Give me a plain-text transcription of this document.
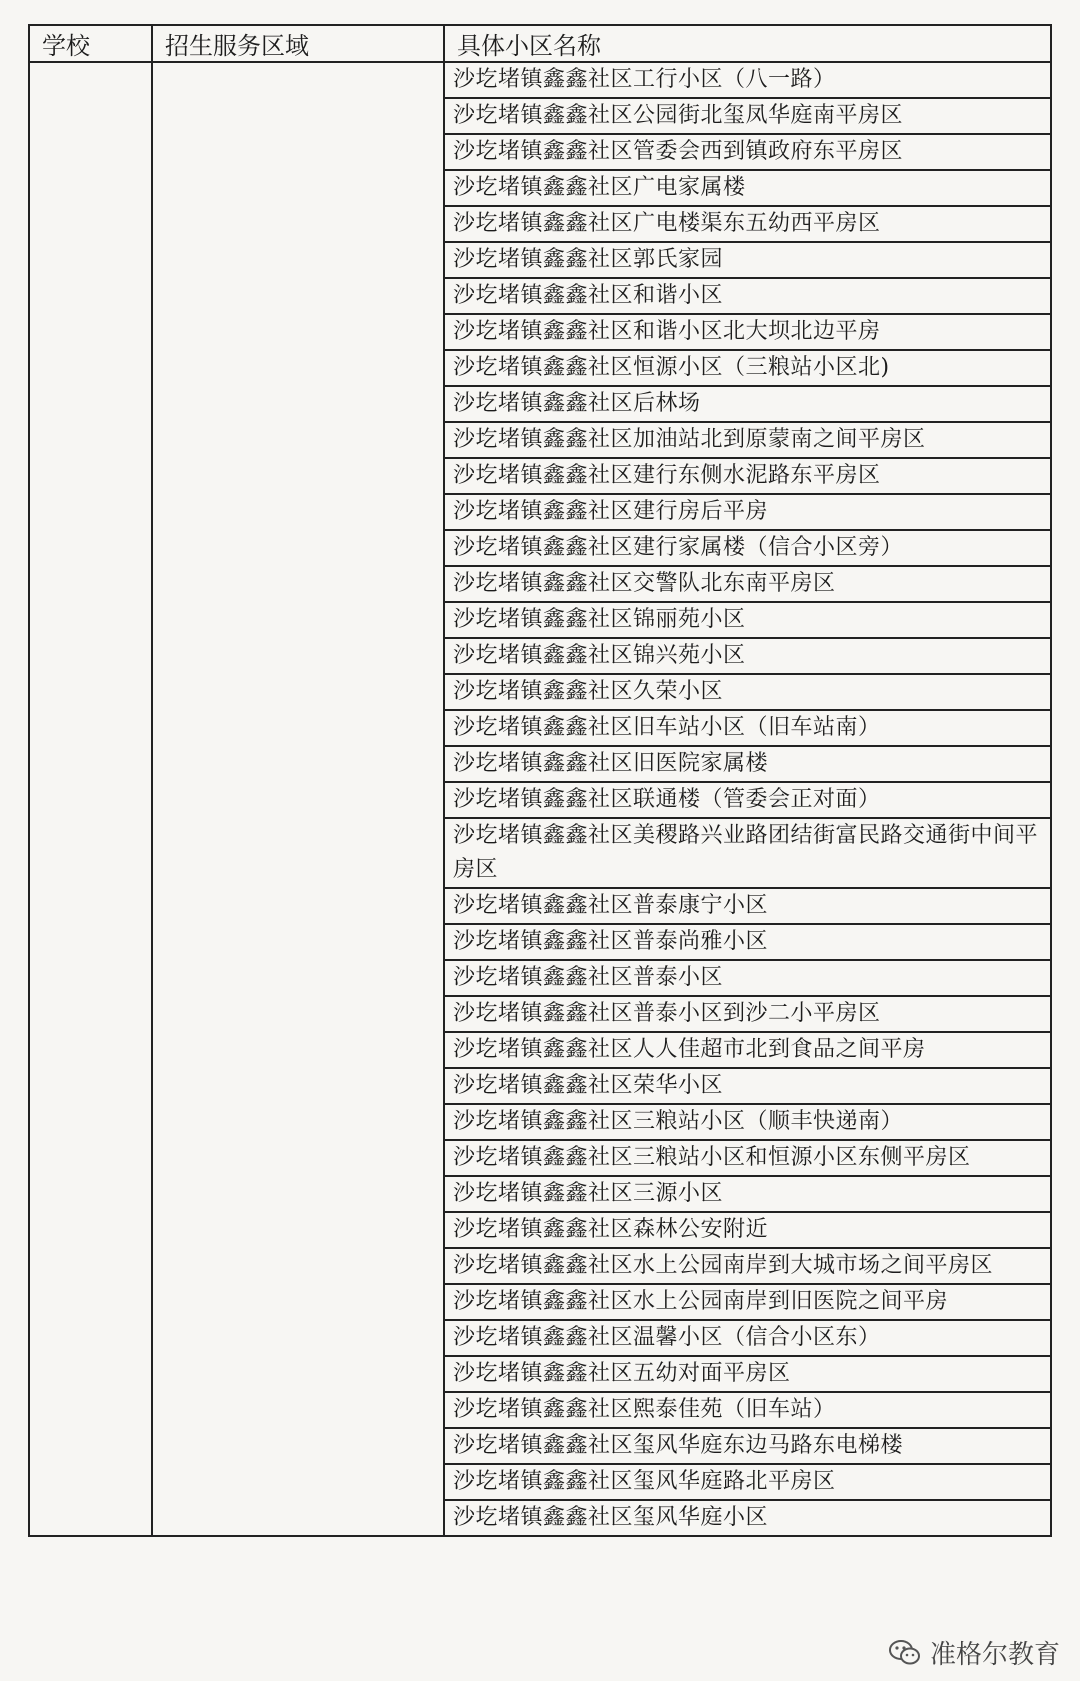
学校	招生服务区域	具体小区名称
		沙圪堵镇鑫鑫社区工行小区（八一路）
		沙圪堵镇鑫鑫社区公园街北玺凤华庭南平房区
		沙圪堵镇鑫鑫社区管委会西到镇政府东平房区
		沙圪堵镇鑫鑫社区广电家属楼
		沙圪堵镇鑫鑫社区广电楼渠东五幼西平房区
		沙圪堵镇鑫鑫社区郭氏家园
		沙圪堵镇鑫鑫社区和谐小区
		沙圪堵镇鑫鑫社区和谐小区北大坝北边平房
		沙圪堵镇鑫鑫社区恒源小区（三粮站小区北)
		沙圪堵镇鑫鑫社区后林场
		沙圪堵镇鑫鑫社区加油站北到原蒙南之间平房区
		沙圪堵镇鑫鑫社区建行东侧水泥路东平房区
		沙圪堵镇鑫鑫社区建行房后平房
		沙圪堵镇鑫鑫社区建行家属楼（信合小区旁）
		沙圪堵镇鑫鑫社区交警队北东南平房区
		沙圪堵镇鑫鑫社区锦丽苑小区
		沙圪堵镇鑫鑫社区锦兴苑小区
		沙圪堵镇鑫鑫社区久荣小区
		沙圪堵镇鑫鑫社区旧车站小区（旧车站南）
		沙圪堵镇鑫鑫社区旧医院家属楼
		沙圪堵镇鑫鑫社区联通楼（管委会正对面）
		沙圪堵镇鑫鑫社区美稷路兴业路团结街富民路交通街中间平房区
		沙圪堵镇鑫鑫社区普泰康宁小区
		沙圪堵镇鑫鑫社区普泰尚雅小区
		沙圪堵镇鑫鑫社区普泰小区
		沙圪堵镇鑫鑫社区普泰小区到沙二小平房区
		沙圪堵镇鑫鑫社区人人佳超市北到食品之间平房
		沙圪堵镇鑫鑫社区荣华小区
		沙圪堵镇鑫鑫社区三粮站小区（顺丰快递南）
		沙圪堵镇鑫鑫社区三粮站小区和恒源小区东侧平房区
		沙圪堵镇鑫鑫社区三源小区
		沙圪堵镇鑫鑫社区森林公安附近
		沙圪堵镇鑫鑫社区水上公园南岸到大城市场之间平房区
		沙圪堵镇鑫鑫社区水上公园南岸到旧医院之间平房
		沙圪堵镇鑫鑫社区温馨小区（信合小区东）
		沙圪堵镇鑫鑫社区五幼对面平房区
		沙圪堵镇鑫鑫社区熙泰佳苑（旧车站）
		沙圪堵镇鑫鑫社区玺风华庭东边马路东电梯楼
		沙圪堵镇鑫鑫社区玺风华庭路北平房区
		沙圪堵镇鑫鑫社区玺风华庭小区
准格尔教育
